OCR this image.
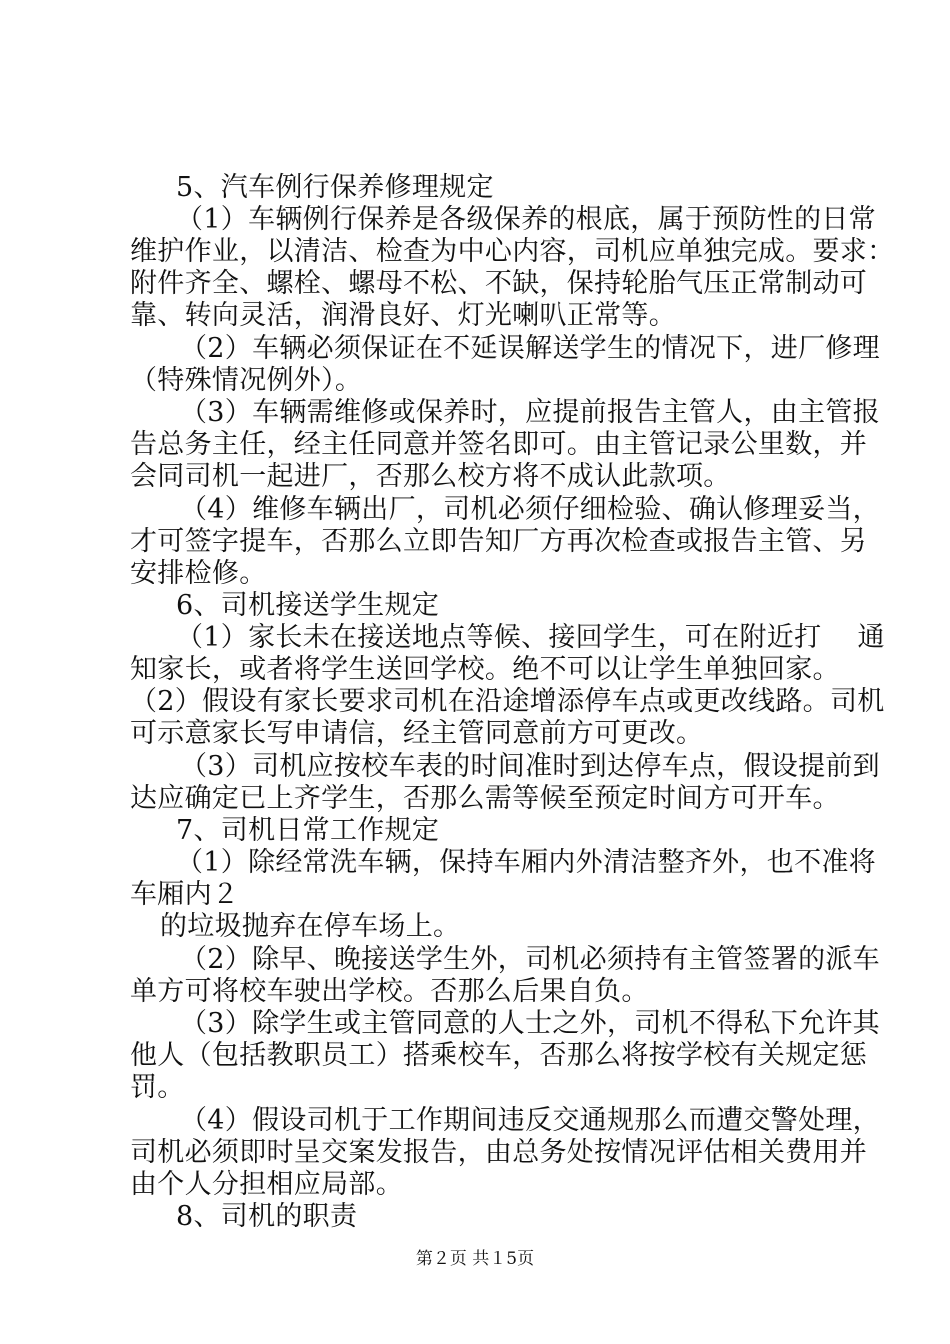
5、汽车例行保养修理规定
（1）车辆例行保养是各级保养的根底，属于预防性的日常
维护作业，以清洁、检查为中心内容，司机应单独完成。要求：
附件齐全、螺栓、螺母不松、不缺，保持轮胎气压正常制动可
靠、转向灵活，润滑良好、灯光喇叭正常等。
（2）车辆必须保证在不延误解送学生的情况下，进厂修理
（特殊情况例外）。
（3）车辆需维修或保养时，应提前报告主管人，由主管报
告总务主任，经主任同意并签名即可。由主管记录公里数，并
会同司机一起进厂，否那么校方将不成认此款项。
（4）维修车辆出厂，司机必须仔细检验、确认修理妥当，
才可签字提车，否那么立即告知厂方再次检查或报告主管、另
安排检修。
6、司机接送学生规定
（1）家长未在接送地点等候、接回学生，可在附近打　 通
知家长，或者将学生送回学校。绝不可以让学生单独回家。
（2）假设有家长要求司机在沿途增添停车点或更改线路。司机
可示意家长写申请信，经主管同意前方可更改。
（3）司机应按校车表的时间准时到达停车点，假设提前到
达应确定已上齐学生，否那么需等候至预定时间方可开车。
7、司机日常工作规定
（1）除经常洗车辆，保持车厢内外清洁整齐外，也不准将
车厢内２
的垃圾抛弃在停车场上。
（2）除早、晚接送学生外，司机必须持有主管签署的派车
单方可将校车驶出学校。否那么后果自负。
（3）除学生或主管同意的人士之外，司机不得私下允许其
他人（包括教职员工）搭乘校车，否那么将按学校有关规定惩
罚。
（4）假设司机于工作期间违反交通规那么而遭交警处理，
司机必须即时呈交案发报告，由总务处按情况评估相关费用并
由个人分担相应局部。
8、司机的职责
第２页 共１5页
